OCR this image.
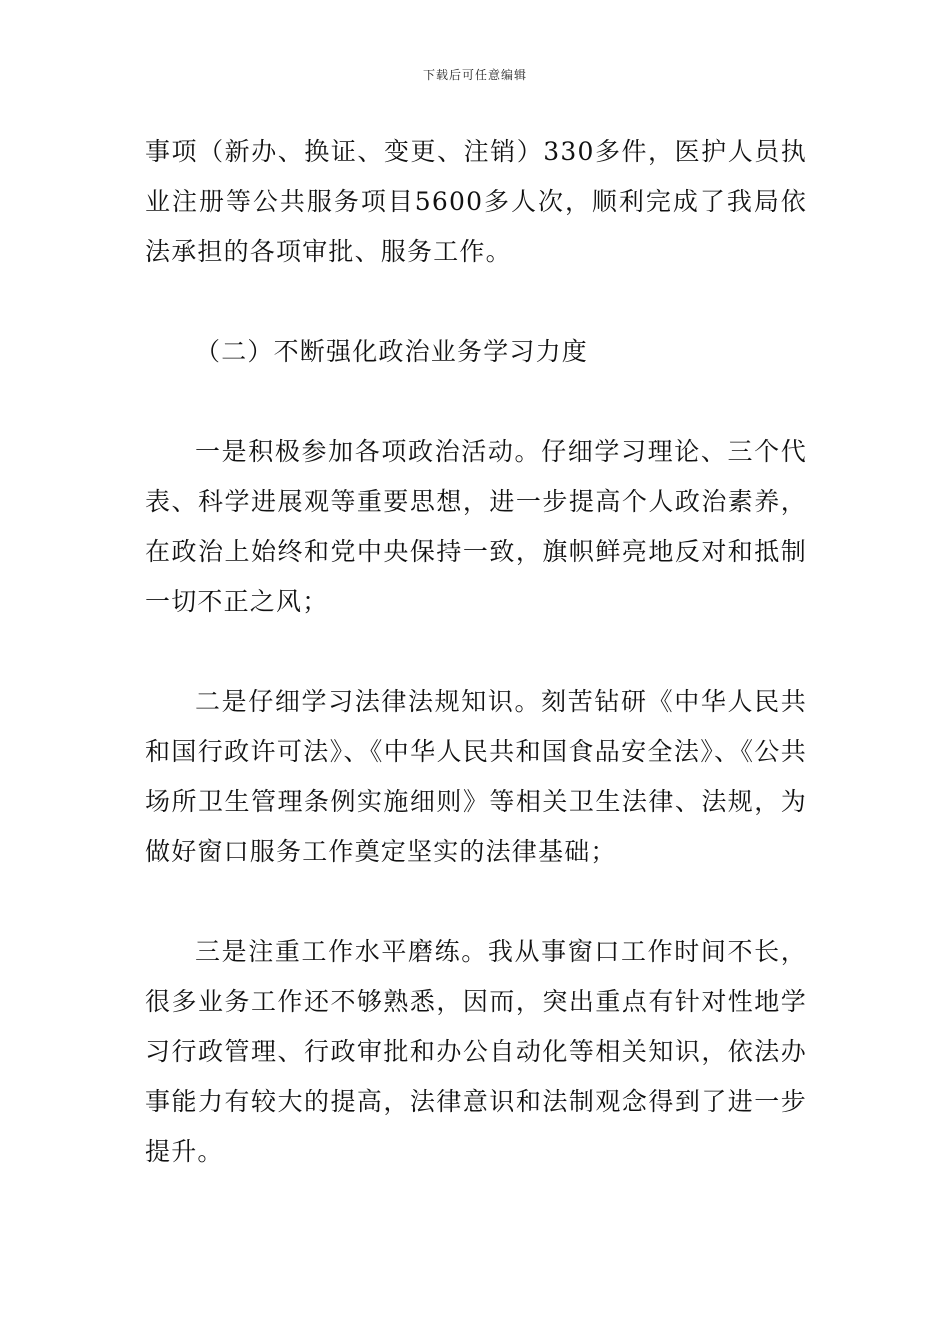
下载后可任意编辑

事项（新办、换证、变更、注销）330多件，医护人员执业注册等公共服务项目5600多人次，顺利完成了我局依法承担的各项审批、服务工作。

（二）不断强化政治业务学习力度

一是积极参加各项政治活动。仔细学习理论、三个代表、科学进展观等重要思想，进一步提高个人政治素养，在政治上始终和党中央保持一致，旗帜鲜亮地反对和抵制一切不正之风；

二是仔细学习法律法规知识。刻苦钻研《中华人民共和国行政许可法》、《中华人民共和国食品安全法》、《公共场所卫生管理条例实施细则》等相关卫生法律、法规，为做好窗口服务工作奠定坚实的法律基础；

三是注重工作水平磨练。我从事窗口工作时间不长，很多业务工作还不够熟悉，因而，突出重点有针对性地学习行政管理、行政审批和办公自动化等相关知识，依法办事能力有较大的提高，法律意识和法制观念得到了进一步提升。
